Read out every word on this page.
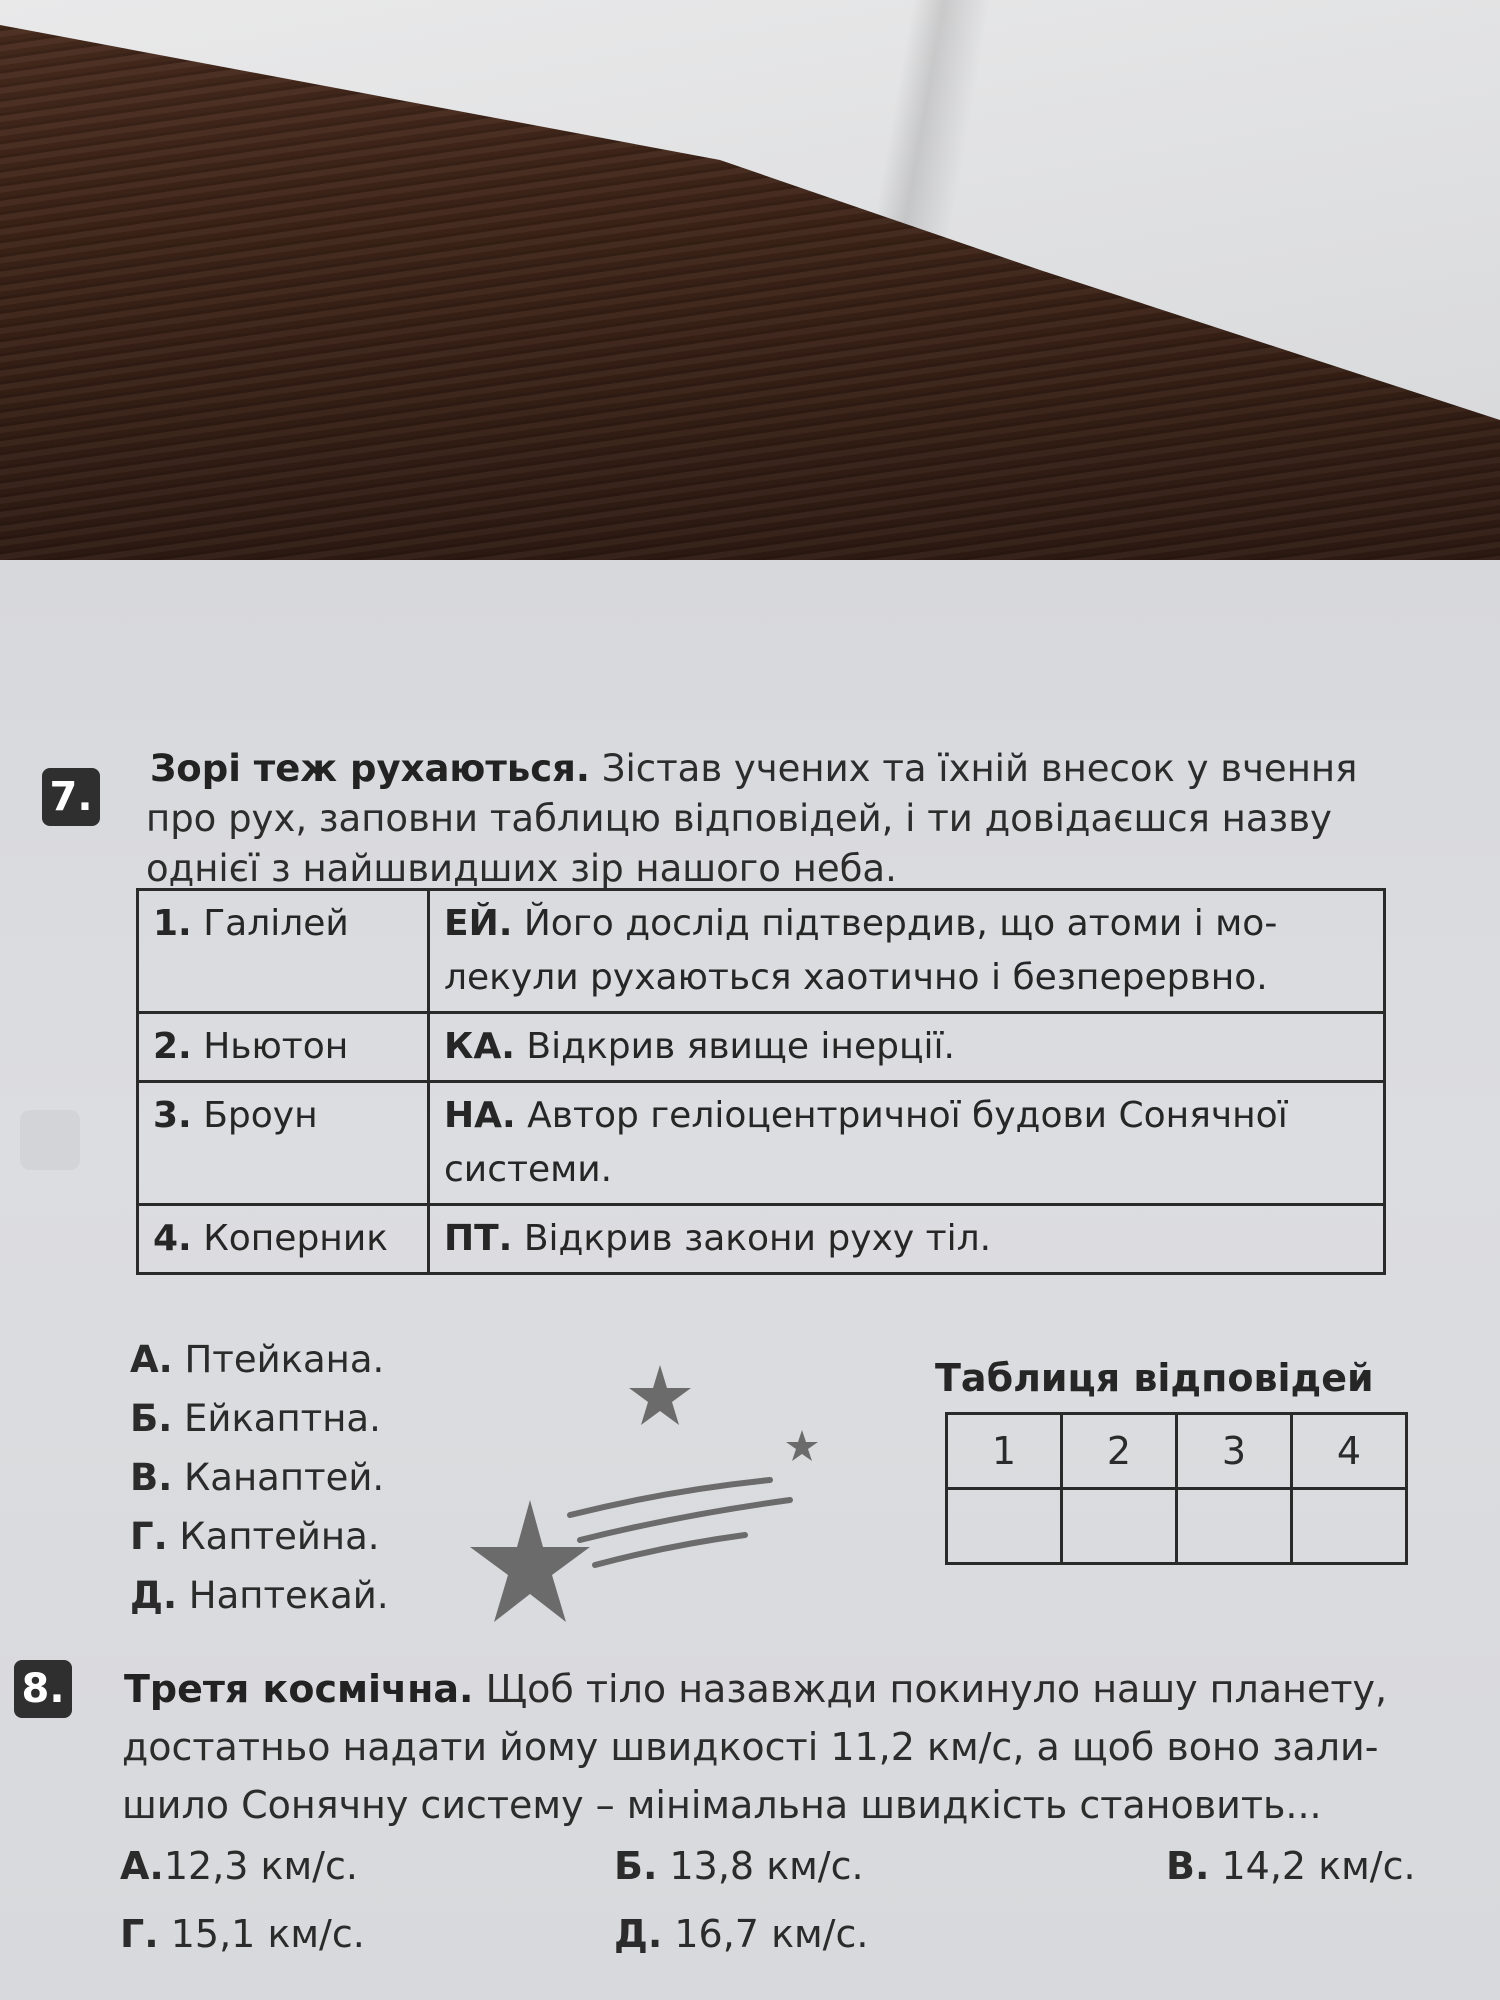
7.
Зорі теж рухаються. Зістав учених та їхній внесок у вчення
про рух, заповни таблицю відповідей, і ти довідаєшся назву
однієї з найшвидших зір нашого неба.
1. Галілей	ЕЙ. Його дослід підтвердив, що атоми і мо-
лекули рухаються хаотично і безперервно.
2. Ньютон	КА. Відкрив явище інерції.
3. Броун	НА. Автор геліоцентричної будови Сонячної
системи.
4. Коперник	ПТ. Відкрив закони руху тіл.
А. Птейкана.
Б. Ейкаптна.
В. Канаптей.
Г. Каптейна.
Д. Наптекай.
Таблиця відповідей
1	2	3	4

8. Третя космічна. Щоб тіло назавжди покинуло нашу планету,
достатньо надати йому швидкості 11,2 км/с, а щоб воно зали-
шило Сонячну систему – мінімальна швидкість становить...
А.12,3 км/с.	Б. 13,8 км/с.	В. 14,2 км/с.
Г. 15,1 км/с.	Д. 16,7 км/с.
